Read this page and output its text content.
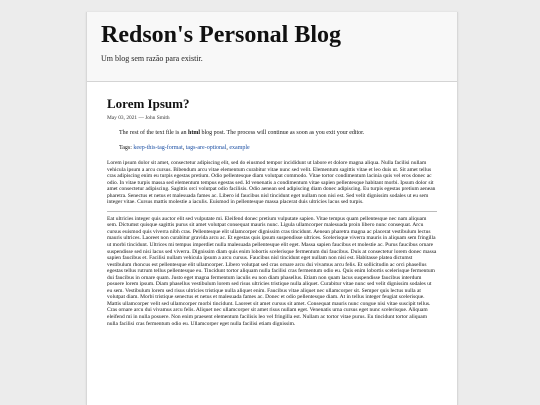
Redson's Personal Blog

Um blog sem razão para existir.

Lorem Ipsum?

May 03, 2021 — John Smith

The rest of the text file is an html blog post. The process will continue as soon as you exit your editor.

Tags: keep-this-tag-format, tags-are-optional, example

Lorem ipsum dolor sit amet, consectetur adipiscing elit, sed do eiusmod tempor incididunt ut labore et dolore magna aliqua. Nulla facilisi nullam vehicula ipsum a arcu cursus. Bibendum arcu vitae elementum curabitur vitae nunc sed velit. Elementum sagittis vitae et leo duis ut. Sit amet tellus cras adipiscing enim eu turpis egestas pretium. Odio pellentesque diam volutpat commodo. Vitae tortor condimentum lacinia quis vel eros donec ac odio. In vitae turpis massa sed elementum tempus egestas sed. Id venenatis a condimentum vitae sapien pellentesque habitant morbi. Ipsum dolor sit amet consectetur adipiscing. Sagittis orci volutpat odio facilisis. Odio aenean sed adipiscing diam donec adipiscing. Eu turpis egestas pretium aenean pharetra. Senectus et netus et malesuada fames ac. Libero id faucibus nisl tincidunt eget nullam non nisi est. Sed velit dignissim sodales ut eu sem integer vitae. Cursus mattis molestie a iaculis. Euismod in pellentesque massa placerat duis ultricies lacus sed turpis.

Eat ultricies integer quis auctor elit sed vulputate mi. Eleifend donec pretium vulputate sapien. Vitae tempus quam pellentesque nec nam aliquam sem. Dictumst quisque sagittis purus sit amet volutpat consequat mauris nunc. Ligula ullamcorper malesuada proin libero nunc consequat. Arcu cursus euismod quis viverra nibh cras. Pellentesque elit ullamcorper dignissim cras tincidunt. Aenean pharetra magna ac placerat vestibulum lectus mauris ultrices. Laoreet non curabitur gravida arcu ac. Et egestas quis ipsum suspendisse ultrices. Scelerisque viverra mauris in aliquam sem fringilla ut morbi tincidunt. Ultrices mi tempus imperdiet nulla malesuada pellentesque elit eget. Massa sapien faucibus et molestie ac. Purus faucibus ornare suspendisse sed nisi lacus sed viverra. Dignissim diam quis enim lobortis scelerisque fermentum dui faucibus. Duis at consectetur lorem donec massa sapien faucibus et. Facilisi nullam vehicula ipsum a arcu cursus. Faucibus nisl tincidunt eget nullam non nisi est. Habitasse platea dictumst vestibulum rhoncus est pellentesque elit ullamcorper. Libero volutpat sed cras ornare arcu dui vivamus arcu felis. Et sollicitudin ac orci phasellus egestas tellus rutrum tellus pellentesque eu. Tincidunt tortor aliquam nulla facilisi cras fermentum odio eu. Quis enim lobortis scelerisque fermentum dui faucibus in ornare quam. Justo eget magna fermentum iaculis eu non diam phasellus. Etiam non quam lacus suspendisse faucibus interdum posuere lorem ipsum. Diam phasellus vestibulum lorem sed risus ultricies tristique nulla aliquet. Curabitur vitae nunc sed velit dignissim sodales ut eu sem. Vestibulum lorem sed risus ultricies tristique nulla aliquet enim. Faucibus vitae aliquet nec ullamcorper sit. Semper quis lectus nulla at volutpat diam. Morbi tristique senectus et netus et malesuada fames ac. Donec et odio pellentesque diam. At in tellus integer feugiat scelerisque. Mattis ullamcorper velit sed ullamcorper morbi tincidunt. Laoreet sit amet cursus sit amet. Consequat mauris nunc congue nisi vitae suscipit tellus. Cras ornare arcu dui vivamus arcu felis. Aliquet nec ullamcorper sit amet risus nullam eget. Venenatis urna cursus eget nunc scelerisque. Aliquam eleifend mi in nulla posuere. Non enim praesent elementum facilisis leo vel fringilla est. Nullam ac tortor vitae purus. Eu tincidunt tortor aliquam nulla facilisi cras fermentum odio eu. Ullamcorper eget nulla facilisi etiam dignissim.
